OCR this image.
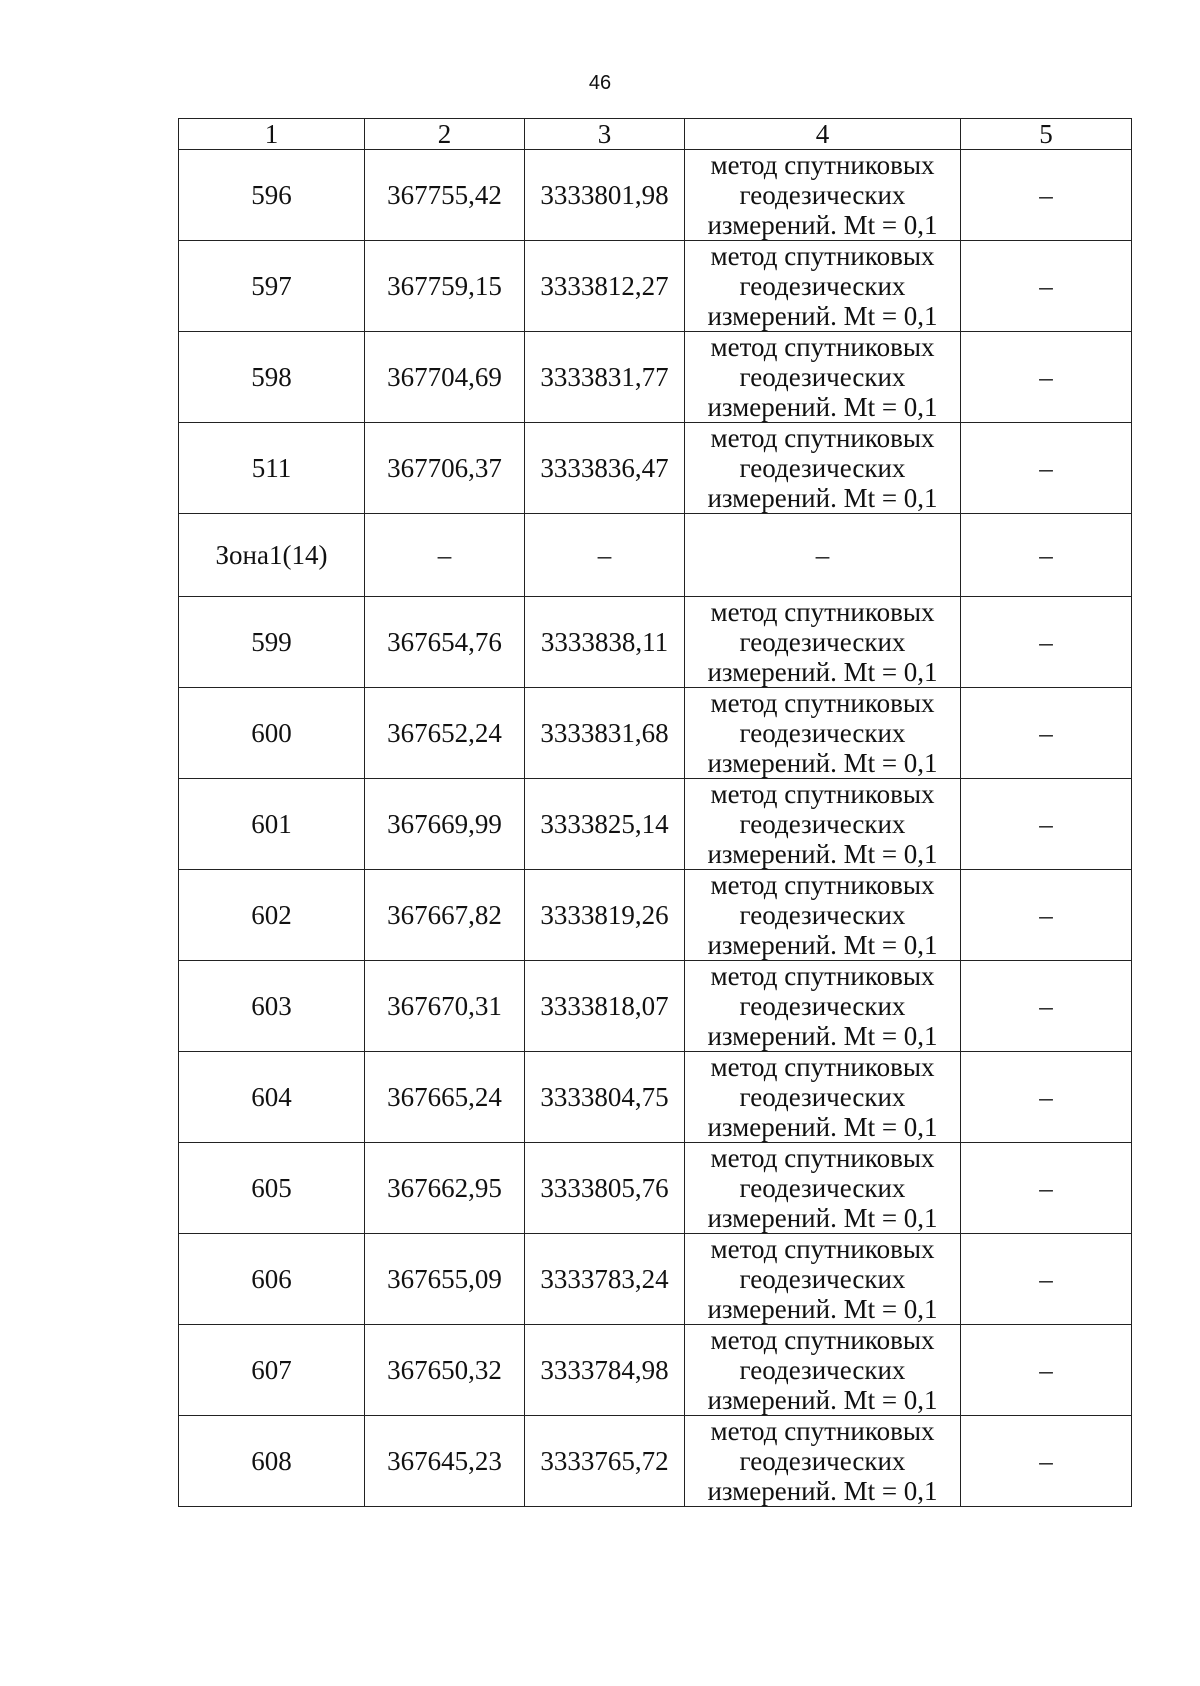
46
1	2	3	4	5
596	367755,42	3333801,98	метод спутниковых
геодезических
измерений. Mt = 0,1	–
597	367759,15	3333812,27	метод спутниковых
геодезических
измерений. Mt = 0,1	–
598	367704,69	3333831,77	метод спутниковых
геодезических
измерений. Mt = 0,1	–
511	367706,37	3333836,47	метод спутниковых
геодезических
измерений. Mt = 0,1	–
Зона1(14)	–	–	–	–
599	367654,76	3333838,11	метод спутниковых
геодезических
измерений. Mt = 0,1	–
600	367652,24	3333831,68	метод спутниковых
геодезических
измерений. Mt = 0,1	–
601	367669,99	3333825,14	метод спутниковых
геодезических
измерений. Mt = 0,1	–
602	367667,82	3333819,26	метод спутниковых
геодезических
измерений. Mt = 0,1	–
603	367670,31	3333818,07	метод спутниковых
геодезических
измерений. Mt = 0,1	–
604	367665,24	3333804,75	метод спутниковых
геодезических
измерений. Mt = 0,1	–
605	367662,95	3333805,76	метод спутниковых
геодезических
измерений. Mt = 0,1	–
606	367655,09	3333783,24	метод спутниковых
геодезических
измерений. Mt = 0,1	–
607	367650,32	3333784,98	метод спутниковых
геодезических
измерений. Mt = 0,1	–
608	367645,23	3333765,72	метод спутниковых
геодезических
измерений. Mt = 0,1	–
